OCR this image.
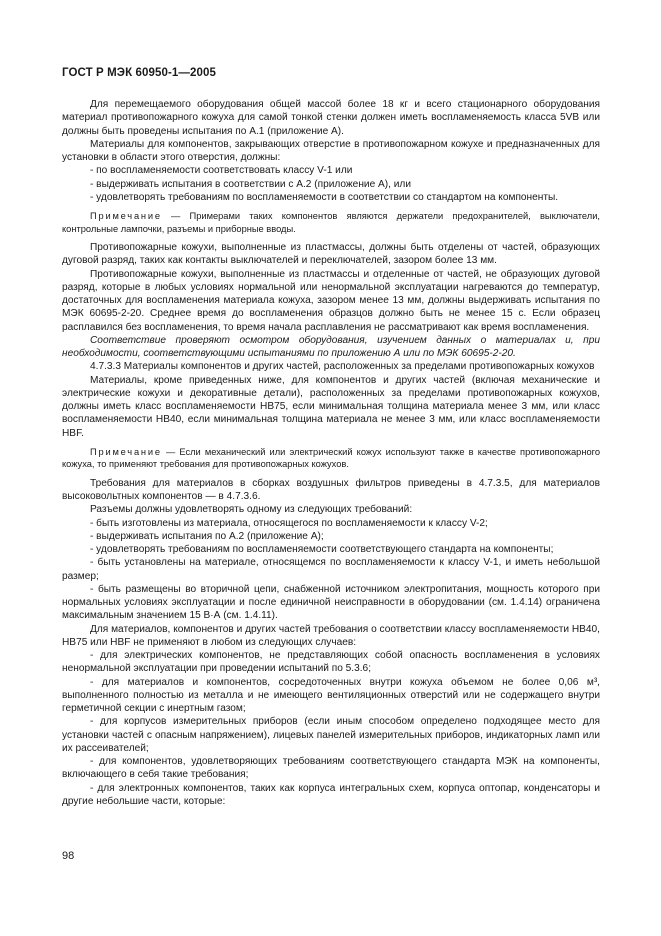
ГОСТ Р МЭК 60950-1—2005

Для перемещаемого оборудования общей массой более 18 кг и всего стационарного оборудования материал противопожарного кожуха для самой тонкой стенки должен иметь воспламеняемость класса 5VB или должны быть проведены испытания по А.1 (приложение А).

Материалы для компонентов, закрывающих отверстие в противопожарном кожухе и предназначенных для установки в области этого отверстия, должны:

- по воспламеняемости соответствовать классу V-1 или

- выдерживать испытания в соответствии с А.2 (приложение А), или

- удовлетворять требованиям по воспламеняемости в соответствии со стандартом на компоненты.

Примечание — Примерами таких компонентов являются держатели предохранителей, выключатели, контрольные лампочки, разъемы и приборные вводы.

Противопожарные кожухи, выполненные из пластмассы, должны быть отделены от частей, образующих дуговой разряд, таких как контакты выключателей и переключателей, зазором более 13 мм.

Противопожарные кожухи, выполненные из пластмассы и отделенные от частей, не образующих дуговой разряд, которые в любых условиях нормальной или ненормальной эксплуатации нагреваются до температур, достаточных для воспламенения материала кожуха, зазором менее 13 мм, должны выдерживать испытания по МЭК 60695-2-20. Среднее время до воспламенения образцов должно быть не менее 15 с. Если образец расплавился без воспламенения, то время начала расплавления не рассматривают как время воспламенения.

Соответствие проверяют осмотром оборудования, изучением данных о материалах и, при необходимости, соответствующими испытаниями по приложению А или по МЭК 60695-2-20.

4.7.3.3 Материалы компонентов и других частей, расположенных за пределами противопожарных кожухов

Материалы, кроме приведенных ниже, для компонентов и других частей (включая механические и электрические кожухи и декоративные детали), расположенных за пределами противопожарных кожухов, должны иметь класс воспламеняемости НВ75, если минимальная толщина материала менее 3 мм, или класс воспламеняемости НВ40, если минимальная толщина материала не менее 3 мм, или класс воспламеняемости НВF.

Примечание — Если механический или электрический кожух используют также в качестве противопожарного кожуха, то применяют требования для противопожарных кожухов.

Требования для материалов в сборках воздушных фильтров приведены в 4.7.3.5, для материалов высоковольтных компонентов — в 4.7.3.6.

Разъемы должны удовлетворять одному из следующих требований:

- быть изготовлены из материала, относящегося по воспламеняемости к классу V-2;

- выдерживать испытания по А.2 (приложение А);

- удовлетворять требованиям по воспламеняемости соответствующего стандарта на компоненты;

- быть установлены на материале, относящемся по воспламеняемости к классу V-1, и иметь небольшой размер;

- быть размещены во вторичной цепи, снабженной источником электропитания, мощность которого при нормальных условиях эксплуатации и после единичной неисправности в оборудовании (см. 1.4.14) ограничена максимальным значением 15 В·А (см. 1.4.11).

Для материалов, компонентов и других частей требования о соответствии классу воспламеняемости НВ40, НВ75 или НВF не применяют в любом из следующих случаев:

- для электрических компонентов, не представляющих собой опасность воспламенения в условиях ненормальной эксплуатации при проведении испытаний по 5.3.6;

- для материалов и компонентов, сосредоточенных внутри кожуха объемом не более 0,06 м³, выполненного полностью из металла и не имеющего вентиляционных отверстий или не содержащего внутри герметичной секции с инертным газом;

- для корпусов измерительных приборов (если иным способом определено подходящее место для установки частей с опасным напряжением), лицевых панелей измерительных приборов, индикаторных ламп или их рассеивателей;

- для компонентов, удовлетворяющих требованиям соответствующего стандарта МЭК на компоненты, включающего в себя такие требования;

- для электронных компонентов, таких как корпуса интегральных схем, корпуса оптопар, конденсаторы и другие небольшие части, которые:

98
